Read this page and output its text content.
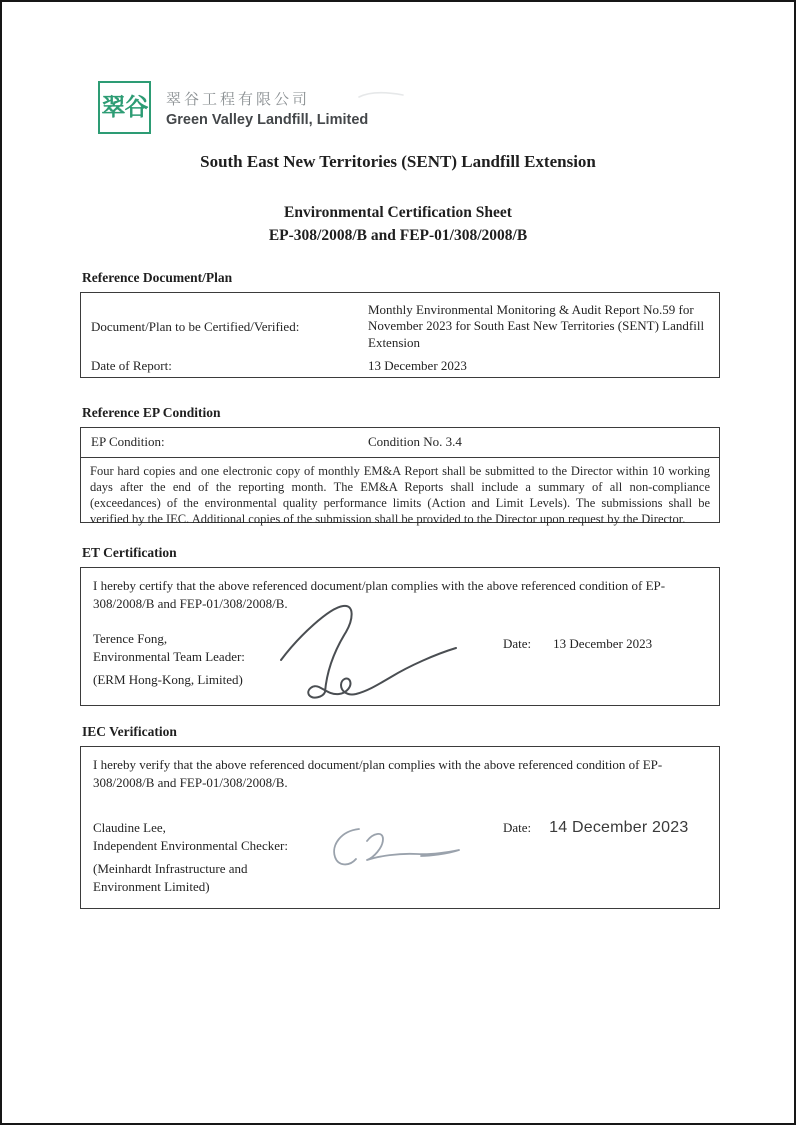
翠谷 翠谷工程有限公司
Green Valley Landfill, Limited
South East New Territories (SENT) Landfill Extension
Environmental Certification Sheet
EP-308/2008/B and FEP-01/308/2008/B
Reference Document/Plan
Document/Plan to be Certified/Verified:
Monthly Environmental Monitoring & Audit Report No.59 for November 2023 for South East New Territories (SENT) Landfill Extension
Date of Report:	13 December 2023
Reference EP Condition
EP Condition:	Condition No. 3.4
Four hard copies and one electronic copy of monthly EM&A Report shall be submitted to the Director within 10 working days after the end of the reporting month. The EM&A Reports shall include a summary of all non-compliance (exceedances) of the environmental quality performance limits (Action and Limit Levels). The submissions shall be verified by the IEC. Additional copies of the submission shall be provided to the Director upon request by the Director.
ET Certification
I hereby certify that the above referenced document/plan complies with the above referenced condition of EP-308/2008/B and FEP-01/308/2008/B.
Terence Fong,
Environmental Team Leader:
(ERM Hong-Kong, Limited)
Date: 13 December 2023
IEC Verification
I hereby verify that the above referenced document/plan complies with the above referenced condition of EP-308/2008/B and FEP-01/308/2008/B.
Claudine Lee,
Independent Environmental Checker:
(Meinhardt Infrastructure and
Environment Limited)
Date: 14 December 2023
